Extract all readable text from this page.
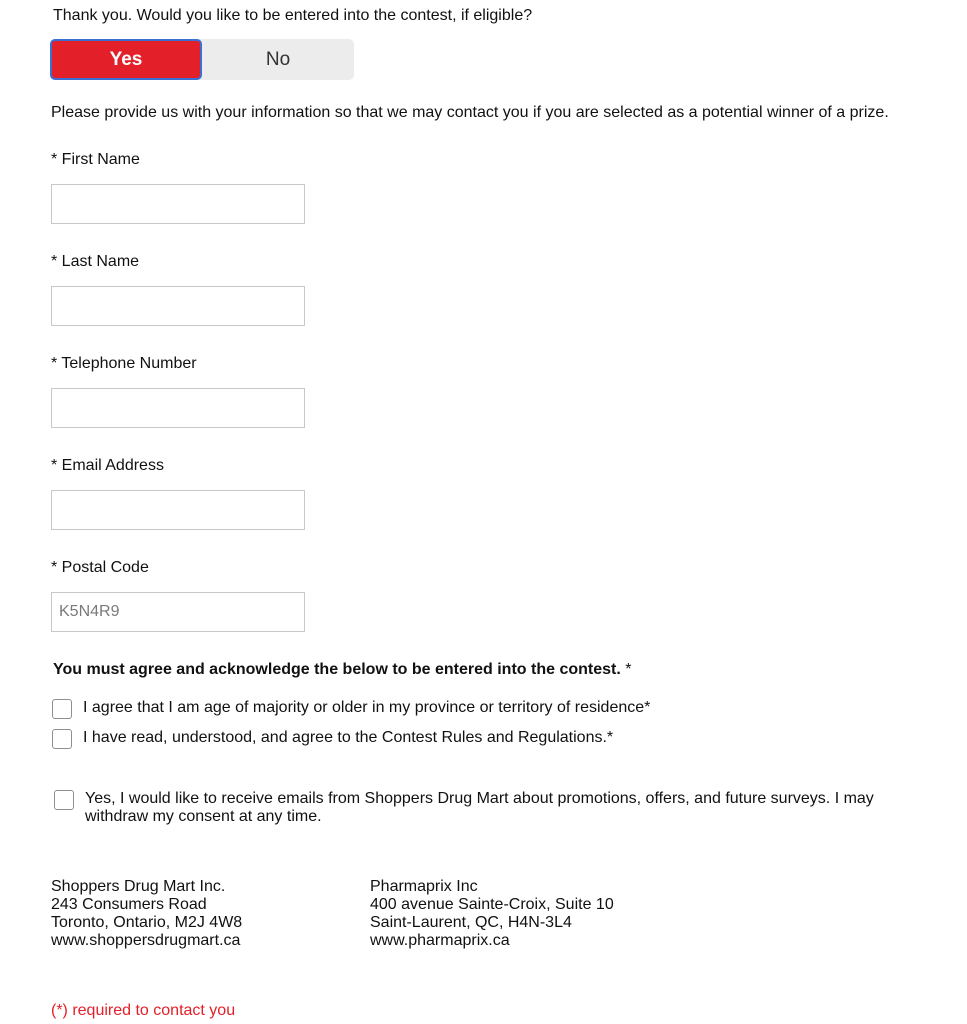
Thank you. Would you like to be entered into the contest, if eligible?
Yes	No
Please provide us with your information so that we may contact you if you are selected as a potential winner of a prize.
* First Name
* Last Name
* Telephone Number
* Email Address
* Postal Code
K5N4R9
You must agree and acknowledge the below to be entered into the contest. *
I agree that I am age of majority or older in my province or territory of residence*
I have read, understood, and agree to the Contest Rules and Regulations.*
Yes, I would like to receive emails from Shoppers Drug Mart about promotions, offers, and future surveys. I may
withdraw my consent at any time.
Shoppers Drug Mart Inc.
243 Consumers Road
Toronto, Ontario, M2J 4W8
www.shoppersdrugmart.ca
Pharmaprix Inc
400 avenue Sainte-Croix, Suite 10
Saint-Laurent, QC, H4N-3L4
www.pharmaprix.ca
(*) required to contact you
